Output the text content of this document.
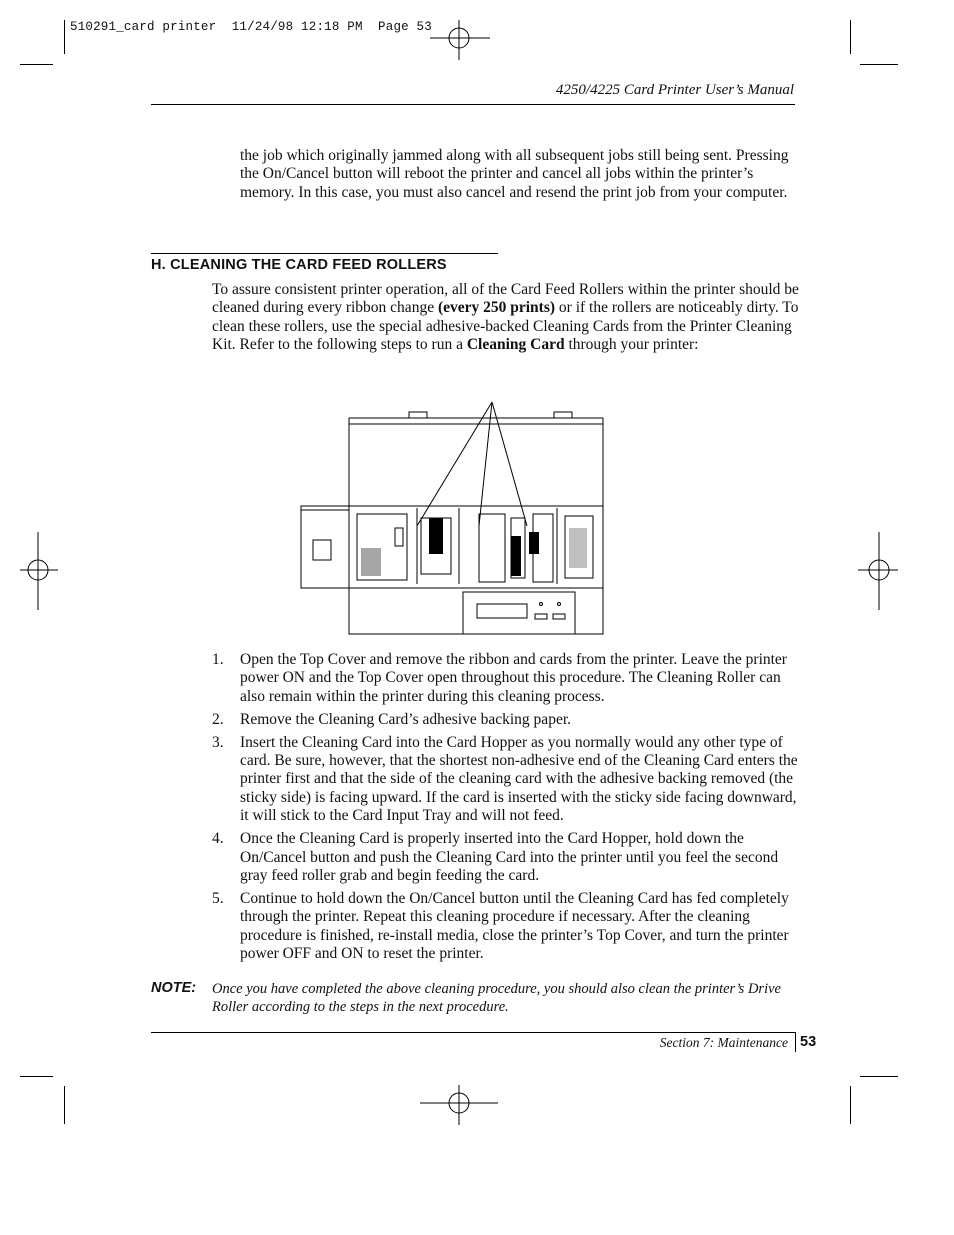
510291_card printer  11/24/98 12:18 PM  Page 53
4250/4225 Card Printer User’s Manual
the job which originally jammed along with all subsequent jobs still being sent. Pressing the On/Cancel button will reboot the printer and cancel all jobs within the printer’s memory. In this case, you must also cancel and resend the print job from your computer.
H. CLEANING THE CARD FEED ROLLERS
To assure consistent printer operation, all of the Card Feed Rollers within the printer should be cleaned during every ribbon change (every 250 prints) or if the rollers are noticeably dirty. To clean these rollers, use the special adhesive-backed Cleaning Cards from the Printer Cleaning Kit. Refer to the following steps to run a Cleaning Card through your printer:
1. Open the Top Cover and remove the ribbon and cards from the printer. Leave the printer power ON and the Top Cover open throughout this procedure. The Cleaning Roller can also remain within the printer during this cleaning process.
2. Remove the Cleaning Card’s adhesive backing paper.
3. Insert the Cleaning Card into the Card Hopper as you normally would any other type of card. Be sure, however, that the shortest non-adhesive end of the Cleaning Card enters the printer first and that the side of the cleaning card with the adhesive backing removed (the sticky side) is facing upward. If the card is inserted with the sticky side facing downward, it will stick to the Card Input Tray and will not feed.
4. Once the Cleaning Card is properly inserted into the Card Hopper, hold down the On/Cancel button and push the Cleaning Card into the printer until you feel the second gray feed roller grab and begin feeding the card.
5. Continue to hold down the On/Cancel button until the Cleaning Card has fed completely through the printer. Repeat this cleaning procedure if necessary. After the cleaning procedure is finished, re-install media, close the printer’s Top Cover, and turn the printer power OFF and ON to reset the printer.
NOTE: Once you have completed the above cleaning procedure, you should also clean the printer’s Drive Roller according to the steps in the next procedure.
Section 7: Maintenance 53
